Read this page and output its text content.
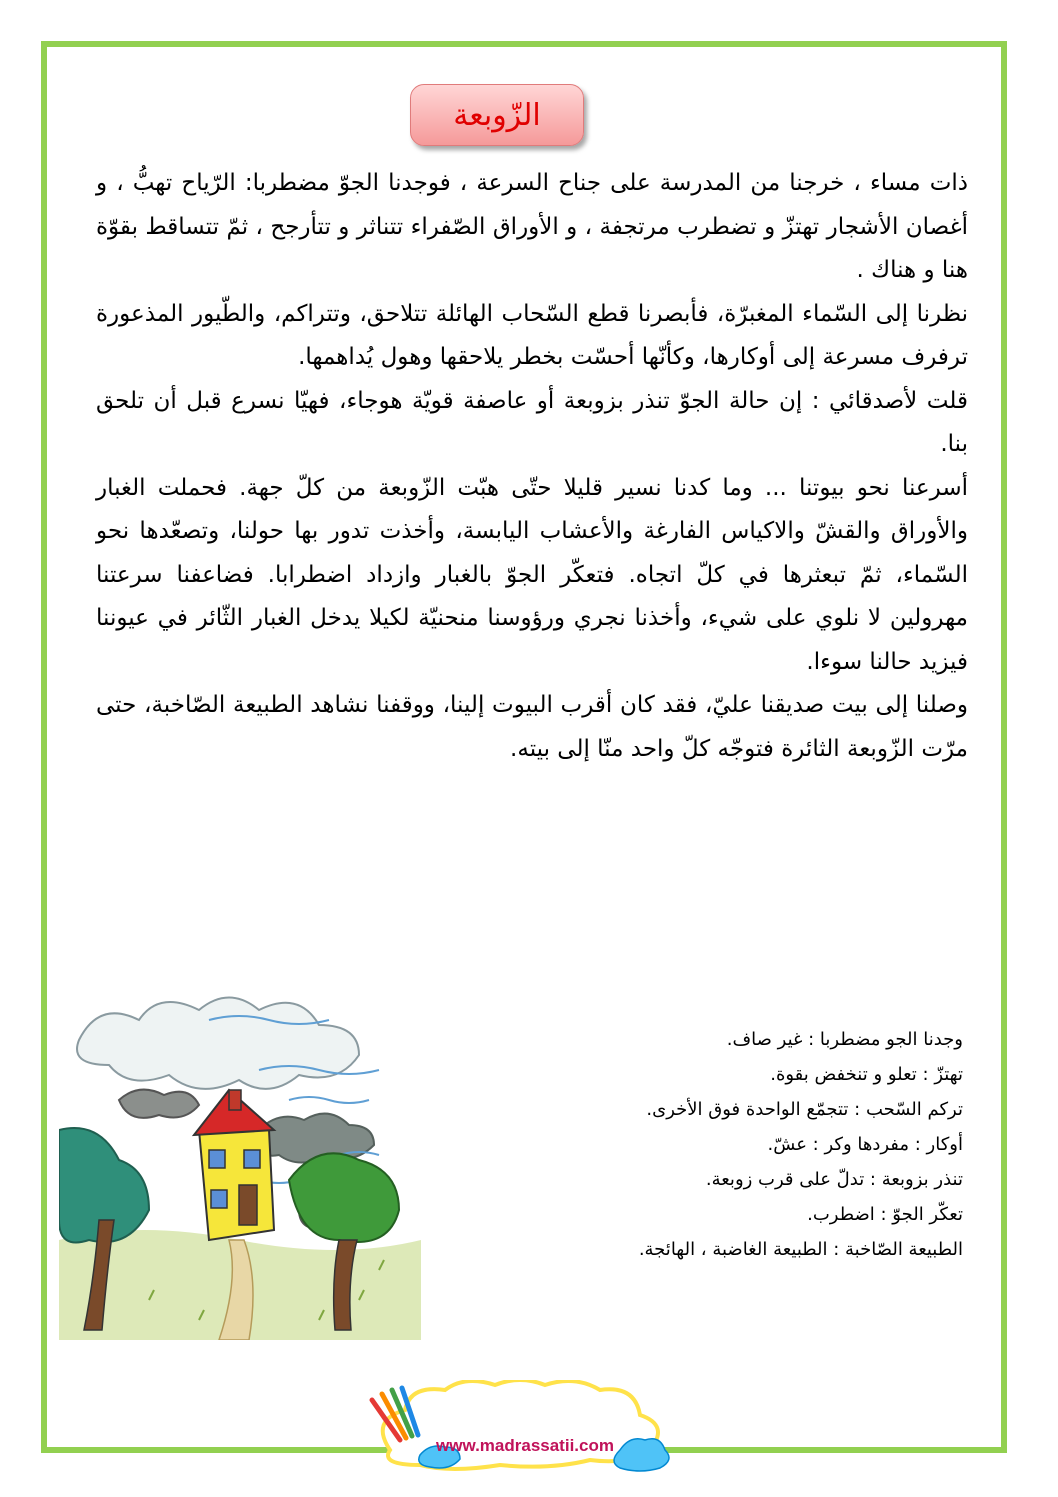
الزّوبعة

ذات مساء ، خرجنا من المدرسة على جناح السرعة ، فوجدنا الجوّ مضطربا: الرّياح تهبُّ ، و أغصان الأشجار تهتزّ و تضطرب مرتجفة ، و الأوراق الصّفراء تتناثر و تتأرجح ، ثمّ تتساقط بقوّة هنا و هناك .

نظرنا إلى السّماء المغبرّة، فأبصرنا قطع السّحاب الهائلة تتلاحق، وتتراكم، والطّيور المذعورة ترفرف مسرعة إلى أوكارها، وكأنّها أحسّت بخطر يلاحقها وهول يُداهمها.

قلت لأصدقائي : إن حالة الجوّ تنذر بزوبعة أو عاصفة قويّة هوجاء، فهيّا نسرع قبل أن تلحق بنا.

أسرعنا نحو بيوتنا ... وما كدنا نسير قليلا حتّى هبّت الزّوبعة من كلّ جهة. فحملت الغبار والأوراق والقشّ والاكياس الفارغة والأعشاب اليابسة، وأخذت تدور بها حولنا، وتصعّدها نحو السّماء، ثمّ تبعثرها في كلّ اتجاه. فتعكّر الجوّ بالغبار وازداد اضطرابا. فضاعفنا سرعتنا مهرولين لا نلوي على شيء، وأخذنا نجري ورؤوسنا منحنيّة لكيلا يدخل الغبار الثّائر في عيوننا فيزيد حالنا سوءا.

وصلنا إلى بيت صديقنا عليّ، فقد كان أقرب البيوت إلينا، ووقفنا نشاهد الطبيعة الصّاخبة، حتى مرّت الزّوبعة الثائرة فتوجّه كلّ واحد منّا إلى بيته.

وجدنا الجو مضطربا : غير صاف.
تهتزّ : تعلو و تنخفض بقوة.
تركم السّحب : تتجمّع الواحدة فوق الأخرى.
أوكار : مفردها وكر : عشّ.
تنذر بزوبعة : تدلّ على قرب زوبعة.
تعكّر الجوّ : اضطرب.
الطبيعة الصّاخبة : الطبيعة الغاضبة ، الهائجة.
www.madrassatii.com
